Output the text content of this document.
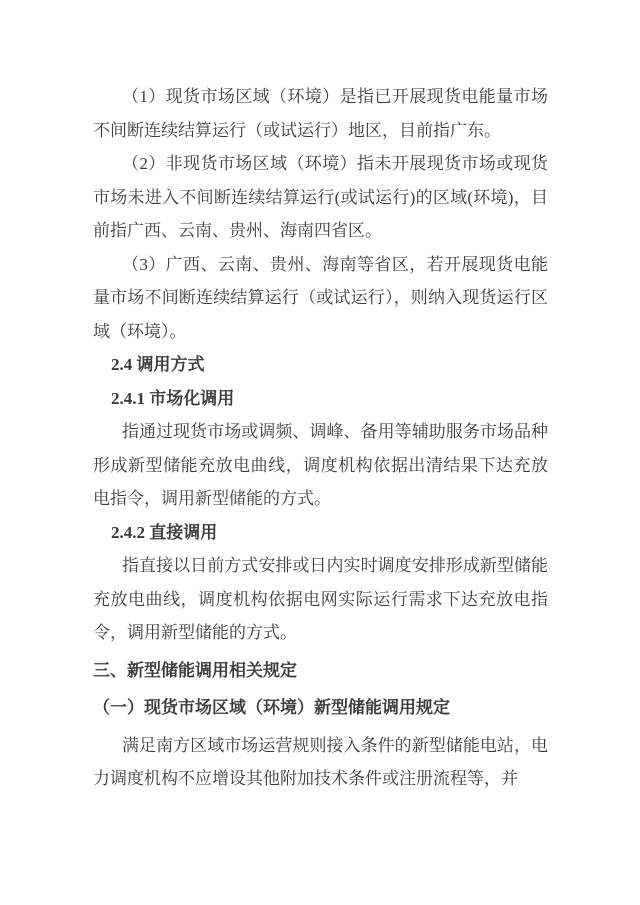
（1）现货市场区域（环境）是指已开展现货电能量市场不间断连续结算运行（或试运行）地区，目前指广东。

（2）非现货市场区域（环境）指未开展现货市场或现货市场未进入不间断连续结算运行(或试运行)的区域(环境)，目前指广西、云南、贵州、海南四省区。

（3）广西、云南、贵州、海南等省区，若开展现货电能量市场不间断连续结算运行（或试运行），则纳入现货运行区域（环境）。

2.4 调用方式

2.4.1 市场化调用

指通过现货市场或调频、调峰、备用等辅助服务市场品种形成新型储能充放电曲线，调度机构依据出清结果下达充放电指令，调用新型储能的方式。

2.4.2 直接调用

指直接以日前方式安排或日内实时调度安排形成新型储能充放电曲线，调度机构依据电网实际运行需求下达充放电指令，调用新型储能的方式。

三、新型储能调用相关规定

（一）现货市场区域（环境）新型储能调用规定

满足南方区域市场运营规则接入条件的新型储能电站，电力调度机构不应增设其他附加技术条件或注册流程等，并
